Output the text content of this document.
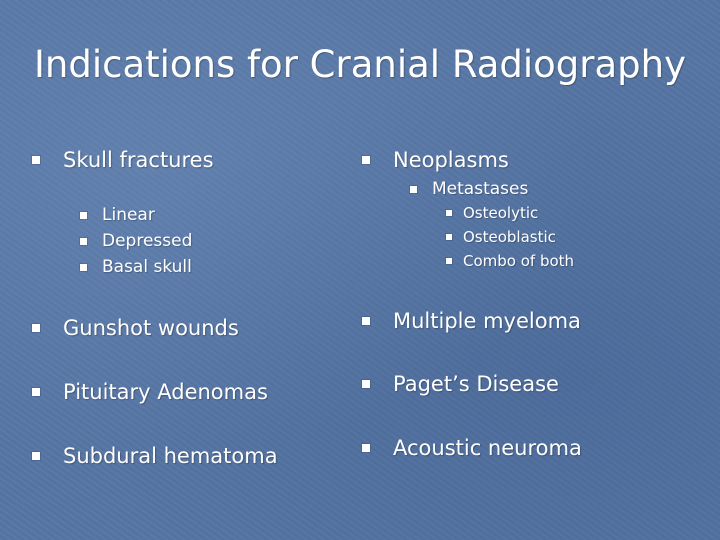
Indications for Cranial Radiography
Skull fractures
Linear
Depressed
Basal skull
Gunshot wounds
Pituitary Adenomas
Subdural hematoma
Neoplasms
Metastases
Osteolytic
Osteoblastic
Combo of both
Multiple myeloma
Paget’s Disease
Acoustic neuroma
